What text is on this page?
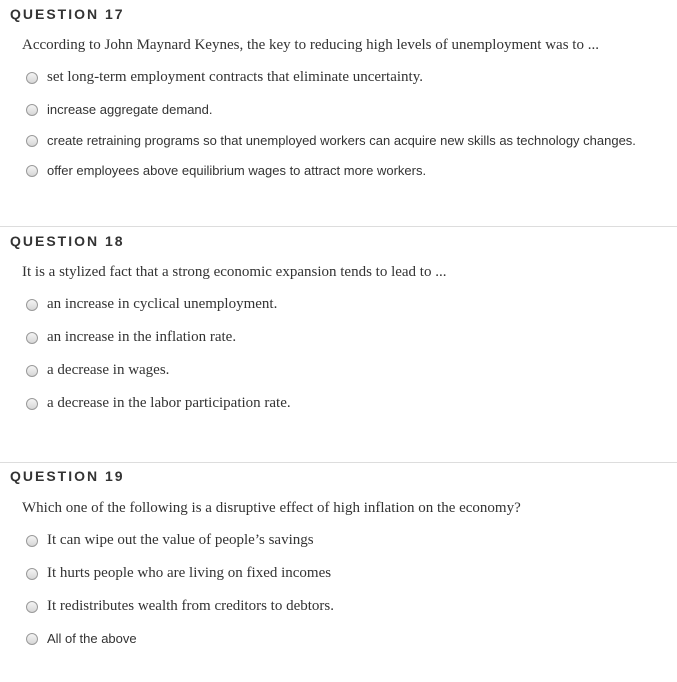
QUESTION 17
According to John Maynard Keynes, the key to reducing high levels of unemployment was to ...
set long-term employment contracts that eliminate uncertainty.
increase aggregate demand.
create retraining programs so that unemployed workers can acquire new skills as technology changes.
offer employees above equilibrium wages to attract more workers.
QUESTION 18
It is a stylized fact that a strong economic expansion tends to lead to ...
an increase in cyclical unemployment.
an increase in the inflation rate.
a decrease in wages.
a decrease in the labor participation rate.
QUESTION 19
Which one of the following is a disruptive effect of high inflation on the economy?
It can wipe out the value of people’s savings
It hurts people who are living on fixed incomes
It redistributes wealth from creditors to debtors.
All of the above
